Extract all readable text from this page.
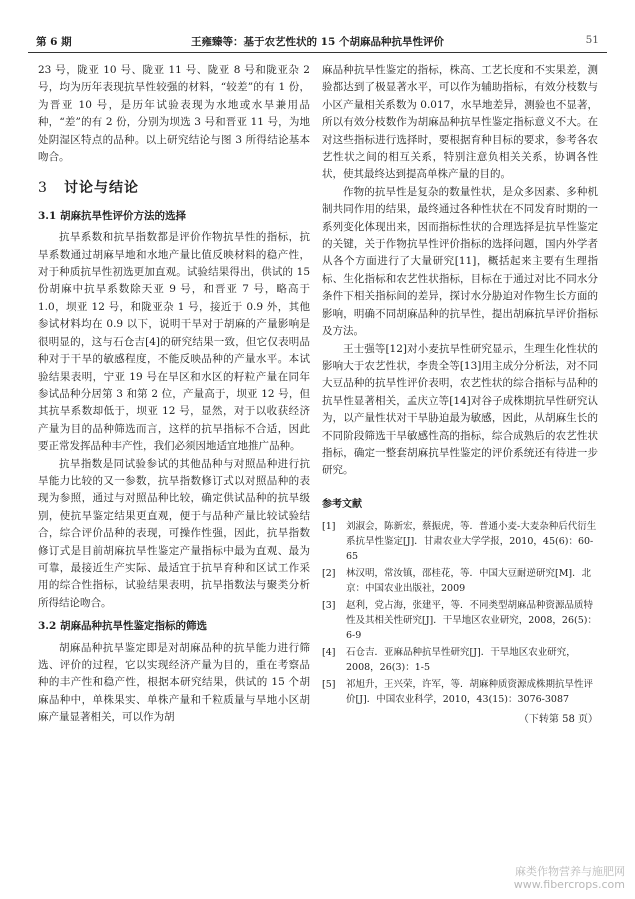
第 6 期	王雍臻等：基于农艺性状的 15 个胡麻品种抗旱性评价	51

23 号，陇亚 10 号、陇亚 11 号、陇亚 8 号和陇亚杂 2 号，均为历年表现抗旱性较强的材料，“较差”的有 1 份，为晋亚 10 号，是历年试验表现为水地或水旱兼用品种，“差”的有 2 份，分别为坝选 3 号和晋亚 11 号，为地处阴湿区特点的品种。以上研究结论与图 3 所得结论基本吻合。

3 讨论与结论
3.1 胡麻抗旱性评价方法的选择

抗旱系数和抗旱指数都是评价作物抗旱性的指标，抗旱系数通过胡麻旱地和水地产量比值反映材料的稳产性，对于种质抗旱性初选更加直观。试验结果得出，供试的 15 份胡麻中抗旱系数除天亚 9 号，和晋亚 7 号，略高于 1.0，坝亚 12 号，和陇亚杂 1 号，接近于 0.9 外，其他参试材料均在 0.9 以下，说明干旱对于胡麻的产量影响是很明显的，这与石仓吉[4]的研究结果一致，但它仅表明品种对于干旱的敏感程度，不能反映品种的产量水平。本试验结果表明，宁亚 19 号在旱区和水区的籽粒产量在同年参试品种分居第 3 和第 2 位，产量高于，坝亚 12 号，但其抗旱系数却低于，坝亚 12 号，显然，对于以收获经济产量为目的品种筛选而言，这样的抗旱指标不合适，因此要正常发挥品种丰产性，我们必须因地适宜地推广品种。

抗旱指数是同试验参试的其他品种与对照品种进行抗旱能力比较的又一参数，抗旱指数修订式以对照品种的表现为参照，通过与对照品种比较，确定供试品种的抗旱级别，使抗旱鉴定结果更直观，便于与品种产量比较试验结合，综合评价品种的表现，可操作性强，因此，抗旱指数修订式是目前胡麻抗旱性鉴定产量指标中最为直观、最为可靠，最接近生产实际、最适宜于抗旱育种和区试工作采用的综合性指标，试验结果表明，抗旱指数法与聚类分析所得结论吻合。

3.2 胡麻品种抗旱性鉴定指标的筛选

胡麻品种抗旱鉴定即是对胡麻品种的抗旱能力进行筛选、评价的过程，它以实现经济产量为目的，重在考察品种的丰产性和稳产性，根据本研究结果，供试的 15 个胡麻品种中，单株果实、单株产量和千粒质量与旱地小区胡麻产量显著相关，可以作为胡

麻品种抗旱性鉴定的指标，株高、工艺长度和不实果差，测验都达到了极显著水平，可以作为辅助指标，有效分枝数与小区产量相关系数为 0.017，水旱地差异，测验也不显著，所以有效分枝数作为胡麻品种抗旱性鉴定指标意义不大。在对这些指标进行选择时，要根据育种目标的要求，参考各农艺性状之间的相互关系，特别注意负相关关系，协调各性状，使其最终达到提高单株产量的目的。

作物的抗旱性是复杂的数量性状，是众多因素、多种机制共同作用的结果，最终通过各种性状在不同发育时期的一系列变化体现出来，因而指标性状的合理选择是抗旱性鉴定的关键，关于作物抗旱性评价指标的选择问题，国内外学者从各个方面进行了大量研究[11]，概括起来主要有生理指标、生化指标和农艺性状指标，目标在于通过对比不同水分条件下相关指标间的差异，探讨水分胁迫对作物生长方面的影响，明确不同胡麻品种的抗旱性，提出胡麻抗旱评价指标及方法。

王士强等[12]对小麦抗旱性研究显示，生理生化性状的影响大于农艺性状，李贵全等[13]用主成分分析法，对不同大豆品种的抗旱性评价表明，农艺性状的综合指标与品种的抗旱性显著相关，孟庆立等[14]对谷子成株期抗旱性研究认为，以产量性状对干旱胁迫最为敏感，因此，从胡麻生长的不同阶段筛选干旱敏感性高的指标，综合成熟后的农艺性状指标，确定一整套胡麻抗旱性鉴定的评价系统还有待进一步研究。

参考文献
[1]	刘淑会，陈新宏，蔡振虎，等．普通小麦-大麦杂种后代衍生系抗旱性鉴定[J]．甘肃农业大学学报，2010，45(6)：60-65
[2]	林汉明，常汝镇，邵桂花，等．中国大豆耐逆研究[M]．北京：中国农业出版社，2009
[3]	赵利，党占海，张建平，等．不同类型胡麻品种资源品质特性及其相关性研究[J]．干旱地区农业研究，2008，26(5)：6-9
[4]	石仓吉．亚麻品种抗旱性研究[J]．干旱地区农业研究，2008，26(3)：1-5
[5]	祁旭升，王兴荣，许军，等．胡麻种质资源成株期抗旱性评价[J]．中国农业科学，2010，43(15)：3076-3087
（下转第 58 页）
麻类作物营养与施肥网
www.fibercrops.com
